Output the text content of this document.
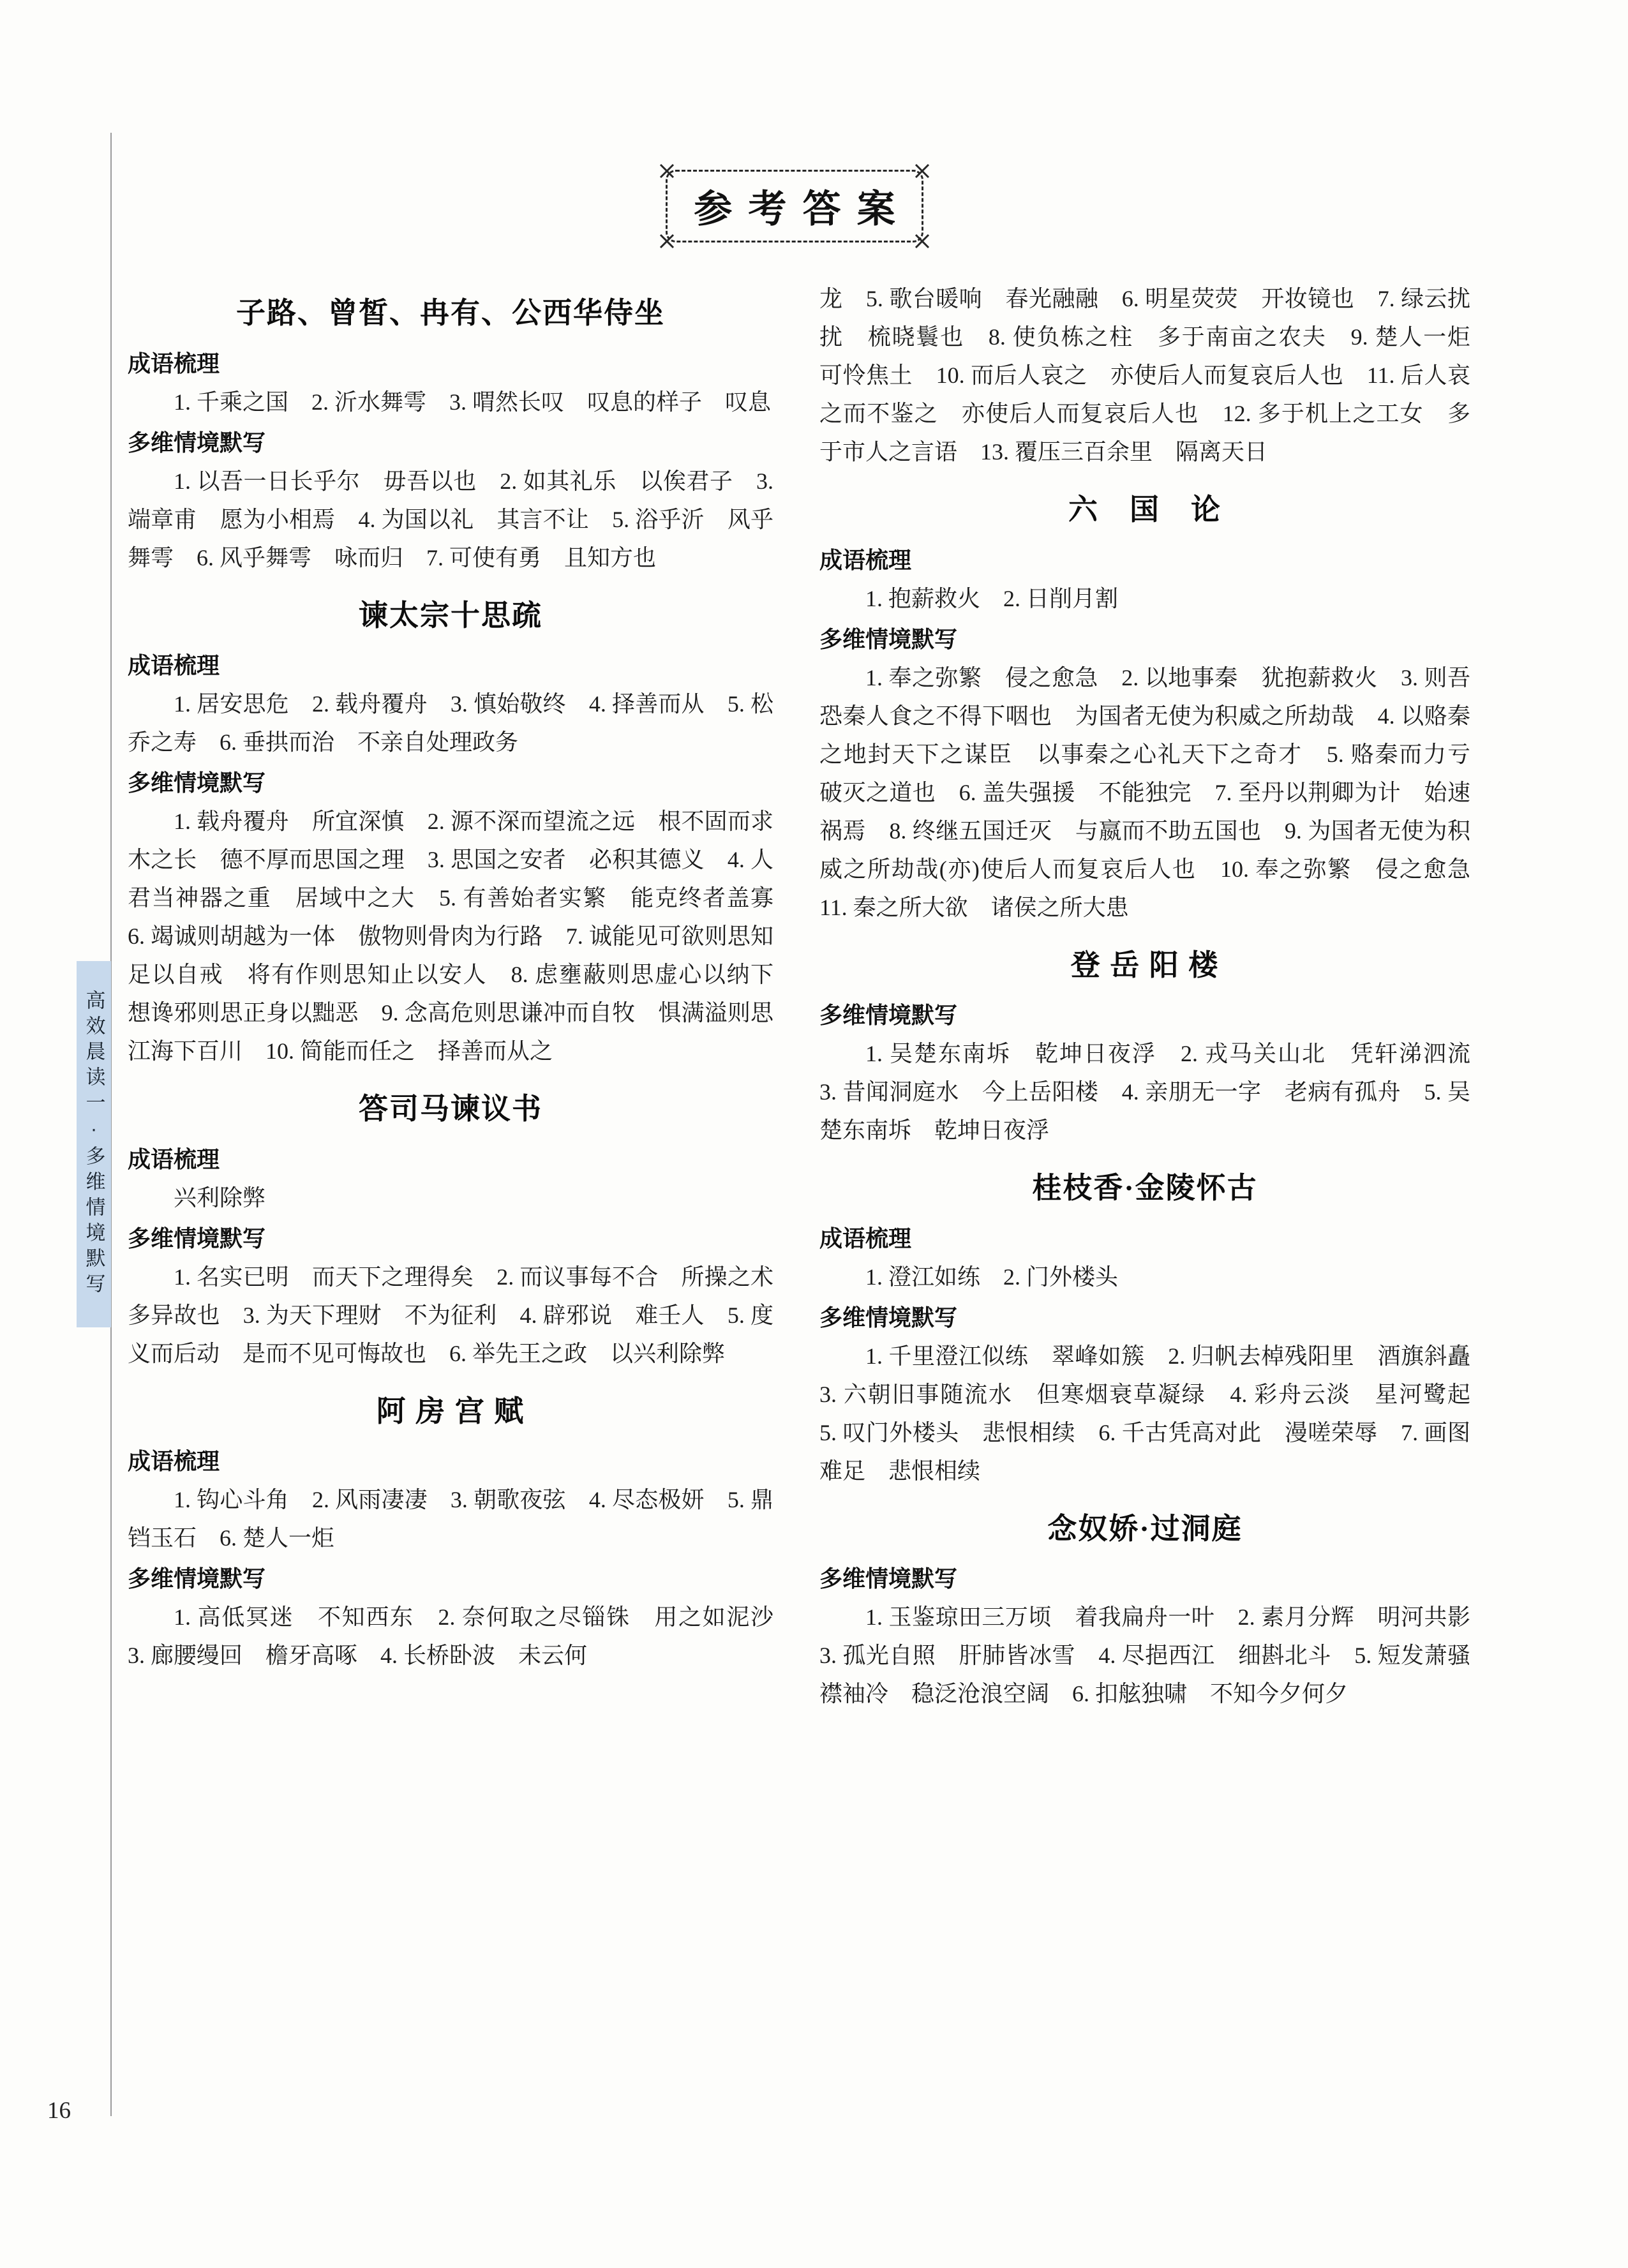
高效晨读一·多维情境默写
16
参考答案
子路、曾皙、冉有、公西华侍坐
成语梳理

1. 千乘之国　2. 沂水舞雩　3. 喟然长叹　叹息的样子　叹息

多维情境默写

1. 以吾一日长乎尔　毋吾以也　2. 如其礼乐　以俟君子　3. 端章甫　愿为小相焉　4. 为国以礼　其言不让　5. 浴乎沂　风乎舞雩　6. 风乎舞雩　咏而归　7. 可使有勇　且知方也

谏太宗十思疏
成语梳理

1. 居安思危　2. 载舟覆舟　3. 慎始敬终　4. 择善而从　5. 松乔之寿　6. 垂拱而治　不亲自处理政务

多维情境默写

1. 载舟覆舟　所宜深慎　2. 源不深而望流之远　根不固而求木之长　德不厚而思国之理　3. 思国之安者　必积其德义　4. 人君当神器之重　居域中之大　5. 有善始者实繁　能克终者盖寡　6. 竭诚则胡越为一体　傲物则骨肉为行路　7. 诚能见可欲则思知足以自戒　将有作则思知止以安人　8. 虑壅蔽则思虚心以纳下　想谗邪则思正身以黜恶　9. 念高危则思谦冲而自牧　惧满溢则思江海下百川　10. 简能而任之　择善而从之

答司马谏议书
成语梳理

兴利除弊

多维情境默写

1. 名实已明　而天下之理得矣　2. 而议事每不合　所操之术多异故也　3. 为天下理财　不为征利　4. 辟邪说　难壬人　5. 度义而后动　是而不见可悔故也　6. 举先王之政　以兴利除弊

阿 房 宫 赋
成语梳理

1. 钩心斗角　2. 风雨凄凄　3. 朝歌夜弦　4. 尽态极妍　5. 鼎铛玉石　6. 楚人一炬

多维情境默写

1. 高低冥迷　不知西东　2. 奈何取之尽锱铢　用之如泥沙　3. 廊腰缦回　檐牙高啄　4. 长桥卧波　未云何

龙　5. 歌台暖响　春光融融　6. 明星荧荧　开妆镜也　7. 绿云扰扰　梳晓鬟也　8. 使负栋之柱　多于南亩之农夫　9. 楚人一炬　可怜焦土　10. 而后人哀之　亦使后人而复哀后人也　11. 后人哀之而不鉴之　亦使后人而复哀后人也　12. 多于机上之工女　多于市人之言语　13. 覆压三百余里　隔离天日

六　国　论
成语梳理

1. 抱薪救火　2. 日削月割

多维情境默写

1. 奉之弥繁　侵之愈急　2. 以地事秦　犹抱薪救火　3. 则吾恐秦人食之不得下咽也　为国者无使为积威之所劫哉　4. 以赂秦之地封天下之谋臣　以事秦之心礼天下之奇才　5. 赂秦而力亏　破灭之道也　6. 盖失强援　不能独完　7. 至丹以荆卿为计　始速祸焉　8. 终继五国迁灭　与嬴而不助五国也　9. 为国者无使为积威之所劫哉(亦)使后人而复哀后人也　10. 奉之弥繁　侵之愈急　11. 秦之所大欲　诸侯之所大患

登 岳 阳 楼
多维情境默写

1. 吴楚东南坼　乾坤日夜浮　2. 戎马关山北　凭轩涕泗流　3. 昔闻洞庭水　今上岳阳楼　4. 亲朋无一字　老病有孤舟　5. 吴楚东南坼　乾坤日夜浮

桂枝香·金陵怀古
成语梳理

1. 澄江如练　2. 门外楼头

多维情境默写

1. 千里澄江似练　翠峰如簇　2. 归帆去棹残阳里　酒旗斜矗　3. 六朝旧事随流水　但寒烟衰草凝绿　4. 彩舟云淡　星河鹭起　5. 叹门外楼头　悲恨相续　6. 千古凭高对此　漫嗟荣辱　7. 画图难足　悲恨相续

念奴娇·过洞庭
多维情境默写

1. 玉鉴琼田三万顷　着我扁舟一叶　2. 素月分辉　明河共影　3. 孤光自照　肝肺皆冰雪　4. 尽挹西江　细斟北斗　5. 短发萧骚襟袖冷　稳泛沧浪空阔　6. 扣舷独啸　不知今夕何夕
